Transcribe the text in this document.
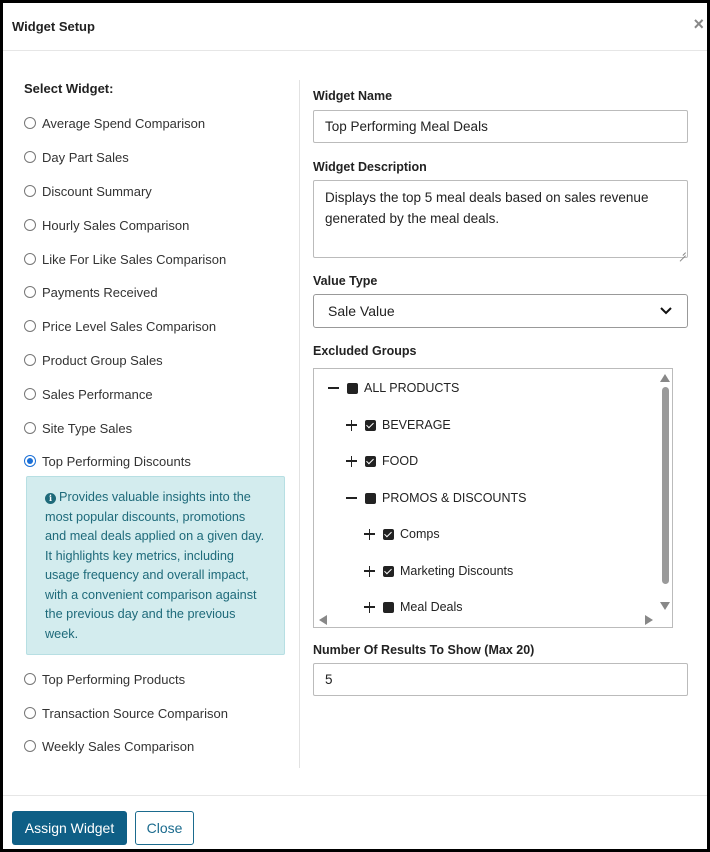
Widget Setup	×
Select Widget:
Average Spend Comparison
Day Part Sales
Discount Summary
Hourly Sales Comparison
Like For Like Sales Comparison
Payments Received
Price Level Sales Comparison
Product Group Sales
Sales Performance
Site Type Sales
Top Performing Discounts
Top Performing Products
Transaction Source Comparison
Weekly Sales Comparison
i Provides valuable insights into the
most popular discounts, promotions
and meal deals applied on a given day.
It highlights key metrics, including
usage frequency and overall impact,
with a convenient comparison against
the previous day and the previous
week.
Widget Name
Top Performing Meal Deals
Widget Description
Displays the top 5 meal deals based on sales revenue generated by the meal deals.
Value Type
Sale Value
Excluded Groups
ALL PRODUCTS
BEVERAGE
FOOD
PROMOS & DISCOUNTS
Comps
Marketing Discounts
Meal Deals
Number Of Results To Show (Max 20)
5
Assign Widget	Close
